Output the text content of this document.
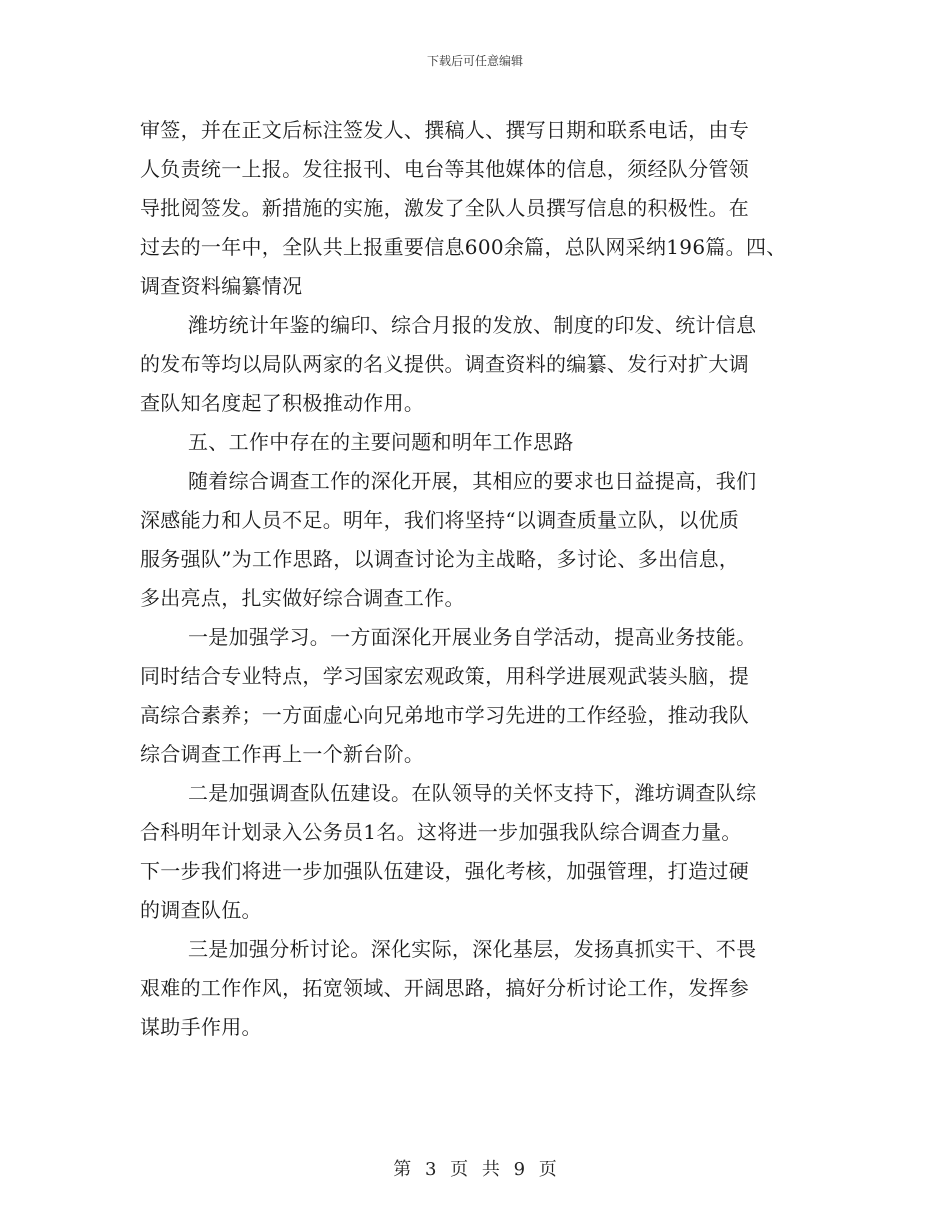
下载后可任意编辑
审签，并在正文后标注签发人、撰稿人、撰写日期和联系电话，由专
人负责统一上报。发往报刊、电台等其他媒体的信息，须经队分管领
导批阅签发。新措施的实施，激发了全队人员撰写信息的积极性。在
过去的一年中，全队共上报重要信息600余篇，总队网采纳196篇。四、
调查资料编纂情况
潍坊统计年鉴的编印、综合月报的发放、制度的印发、统计信息
的发布等均以局队两家的名义提供。调查资料的编纂、发行对扩大调
查队知名度起了积极推动作用。
五、工作中存在的主要问题和明年工作思路
随着综合调查工作的深化开展，其相应的要求也日益提高，我们
深感能力和人员不足。明年，我们将坚持“以调查质量立队，以优质
服务强队”为工作思路，以调查讨论为主战略，多讨论、多出信息，
多出亮点，扎实做好综合调查工作。
一是加强学习。一方面深化开展业务自学活动，提高业务技能。
同时结合专业特点，学习国家宏观政策，用科学进展观武装头脑，提
高综合素养；一方面虚心向兄弟地市学习先进的工作经验，推动我队
综合调查工作再上一个新台阶。
二是加强调查队伍建设。在队领导的关怀支持下，潍坊调查队综
合科明年计划录入公务员1名。这将进一步加强我队综合调查力量。
下一步我们将进一步加强队伍建设，强化考核，加强管理，打造过硬
的调查队伍。
三是加强分析讨论。深化实际，深化基层，发扬真抓实干、不畏
艰难的工作作风，拓宽领域、开阔思路，搞好分析讨论工作，发挥参
谋助手作用。
第 3 页 共 9 页
